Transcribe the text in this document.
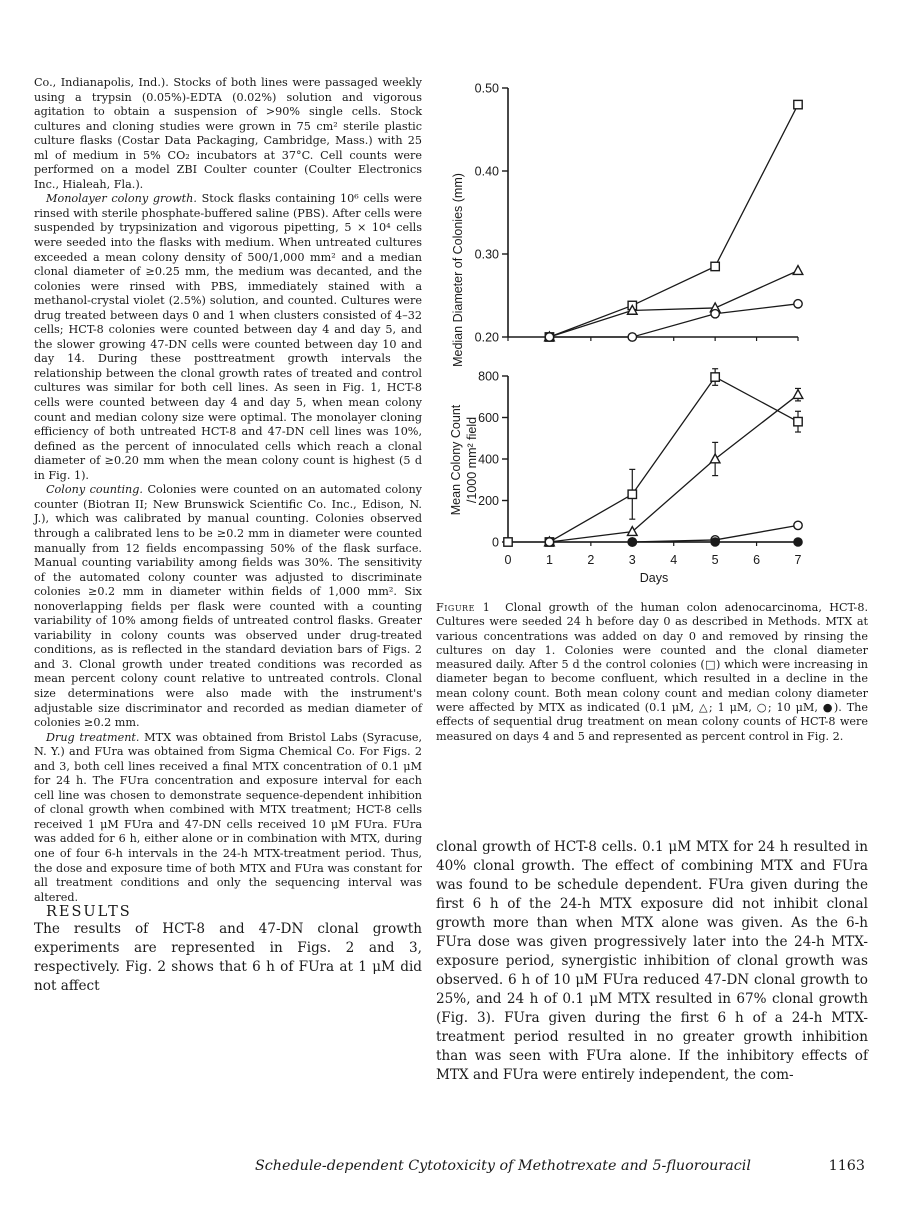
Co., Indianapolis, Ind.). Stocks of both lines were passaged weekly using a trypsin (0.05%)-EDTA (0.02%) solution and vigorous agitation to obtain a suspension of >90% single cells. Stock cultures and cloning studies were grown in 75 cm² sterile plastic culture flasks (Costar Data Packaging, Cambridge, Mass.) with 25 ml of medium in 5% CO₂ incubators at 37°C. Cell counts were performed on a model ZBI Coulter counter (Coulter Electronics Inc., Hialeah, Fla.).

Monolayer colony growth. Stock flasks containing 10⁶ cells were rinsed with sterile phosphate-buffered saline (PBS). After cells were suspended by trypsinization and vigorous pipetting, 5 × 10⁴ cells were seeded into the flasks with medium. When untreated cultures exceeded a mean colony density of 500/1,000 mm² and a median clonal diameter of ≥0.25 mm, the medium was decanted, and the colonies were rinsed with PBS, immediately stained with a methanol-crystal violet (2.5%) solution, and counted. Cultures were drug treated between days 0 and 1 when clusters consisted of 4–32 cells; HCT-8 colonies were counted between day 4 and day 5, and the slower growing 47-DN cells were counted between day 10 and day 14. During these posttreatment growth intervals the relationship between the clonal growth rates of treated and control cultures was similar for both cell lines. As seen in Fig. 1, HCT-8 cells were counted between day 4 and day 5, when mean colony count and median colony size were optimal. The monolayer cloning efficiency of both untreated HCT-8 and 47-DN cell lines was 10%, defined as the percent of innoculated cells which reach a clonal diameter of ≥0.20 mm when the mean colony count is highest (5 d in Fig. 1).

Colony counting. Colonies were counted on an automated colony counter (Biotran II; New Brunswick Scientific Co. Inc., Edison, N. J.), which was calibrated by manual counting. Colonies observed through a calibrated lens to be ≥0.2 mm in diameter were counted manually from 12 fields encompassing 50% of the flask surface. Manual counting variability among fields was 30%. The sensitivity of the automated colony counter was adjusted to discriminate colonies ≥0.2 mm in diameter within fields of 1,000 mm². Six nonoverlapping fields per flask were counted with a counting variability of 10% among fields of untreated control flasks. Greater variability in colony counts was observed under drug-treated conditions, as is reflected in the standard deviation bars of Figs. 2 and 3. Clonal growth under treated conditions was recorded as mean percent colony count relative to untreated controls. Clonal size determinations were also made with the instrument's adjustable size discriminator and recorded as median diameter of colonies ≥0.2 mm.

Drug treatment. MTX was obtained from Bristol Labs (Syracuse, N. Y.) and FUra was obtained from Sigma Chemical Co. For Figs. 2 and 3, both cell lines received a final MTX concentration of 0.1 μM for 24 h. The FUra concentration and exposure interval for each cell line was chosen to demonstrate sequence-dependent inhibition of clonal growth when combined with MTX treatment; HCT-8 cells received 1 μM FUra and 47-DN cells received 10 μM FUra. FUra was added for 6 h, either alone or in combination with MTX, during one of four 6-h intervals in the 24-h MTX-treatment period. Thus, the dose and exposure time of both MTX and FUra was constant for all treatment conditions and only the sequencing interval was altered.

RESULTS

The results of HCT-8 and 47-DN clonal growth experiments are represented in Figs. 2 and 3, respectively. Fig. 2 shows that 6 h of FUra at 1 μM did not affect

Median Diameter of Colonies (mm)
Mean Colony Count /1000 mm² field
Days
0.20
0.30
0.40
0.50
0
200
400
600
800
0	1	2	3	4	5	6	7

Figure 1 Clonal growth of the human colon adenocarcinoma, HCT-8. Cultures were seeded 24 h before day 0 as described in Methods. MTX at various concentrations was added on day 0 and removed by rinsing the cultures on day 1. Colonies were counted and the clonal diameter measured daily. After 5 d the control colonies (□) which were increasing in diameter began to become confluent, which resulted in a decline in the mean colony count. Both mean colony count and median colony diameter were affected by MTX as indicated (0.1 μM, △; 1 μM, ○; 10 μM, ●). The effects of sequential drug treatment on mean colony counts of HCT-8 were measured on days 4 and 5 and represented as percent control in Fig. 2.

clonal growth of HCT-8 cells. 0.1 μM MTX for 24 h resulted in 40% clonal growth. The effect of combining MTX and FUra was found to be schedule dependent. FUra given during the first 6 h of the 24-h MTX exposure did not inhibit clonal growth more than when MTX alone was given. As the 6-h FUra dose was given progressively later into the 24-h MTX-exposure period, synergistic inhibition of clonal growth was observed. 6 h of 10 μM FUra reduced 47-DN clonal growth to 25%, and 24 h of 0.1 μM MTX resulted in 67% clonal growth (Fig. 3). FUra given during the first 6 h of a 24-h MTX-treatment period resulted in no greater growth inhibition than was seen with FUra alone. If the inhibitory effects of MTX and FUra were entirely independent, the com-

Schedule-dependent Cytotoxicity of Methotrexate and 5-fluorouracil	1163
